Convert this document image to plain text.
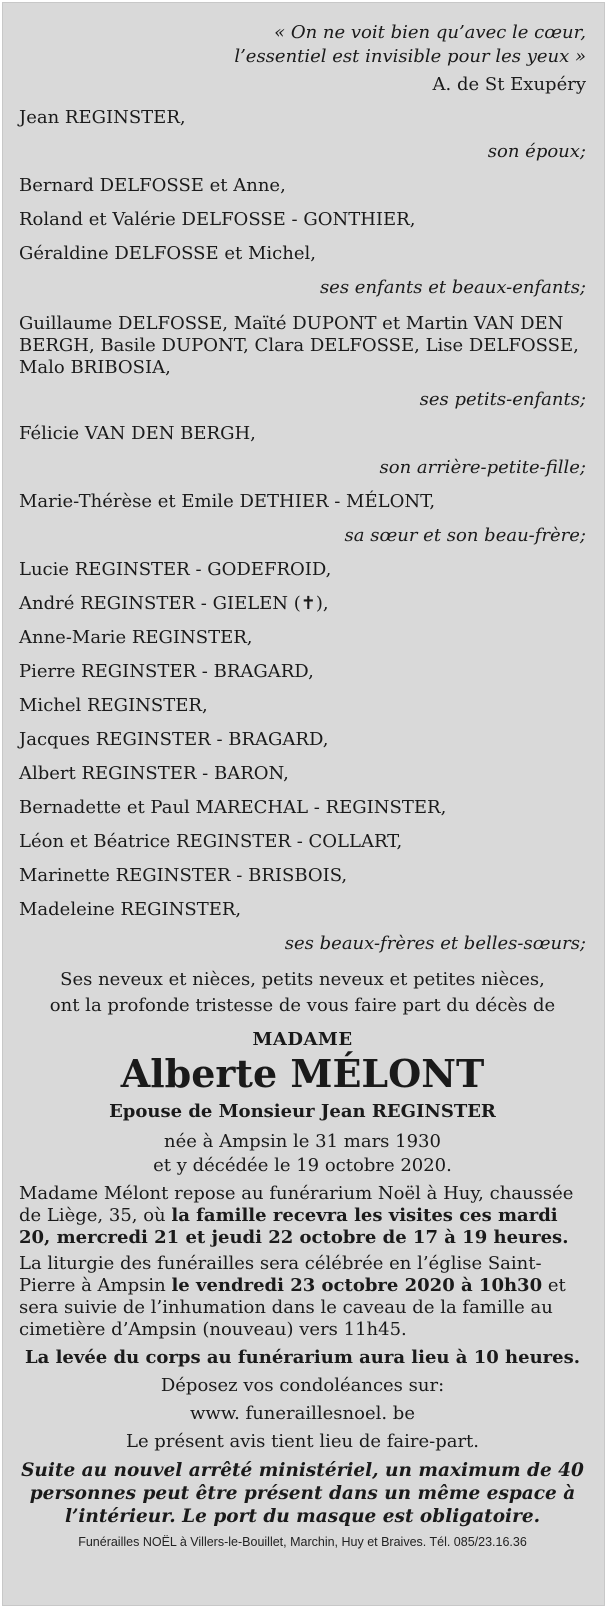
« On ne voit bien qu’avec le cœur,
l’essentiel est invisible pour les yeux »
A. de St Exupéry
Jean REGINSTER,
son époux;
Bernard DELFOSSE et Anne,
Roland et Valérie DELFOSSE - GONTHIER,
Géraldine DELFOSSE et Michel,
ses enfants et beaux-enfants;
Guillaume DELFOSSE, Maïté DUPONT et Martin VAN DEN
BERGH, Basile DUPONT, Clara DELFOSSE, Lise DELFOSSE,
Malo BRIBOSIA,
ses petits-enfants;
Félicie VAN DEN BERGH,
son arrière-petite-fille;
Marie-Thérèse et Emile DETHIER - MÉLONT,
sa sœur et son beau-frère;
Lucie REGINSTER - GODEFROID,
André REGINSTER - GIELEN (✝),
Anne-Marie REGINSTER,
Pierre REGINSTER - BRAGARD,
Michel REGINSTER,
Jacques REGINSTER - BRAGARD,
Albert REGINSTER - BARON,
Bernadette et Paul MARECHAL - REGINSTER,
Léon et Béatrice REGINSTER - COLLART,
Marinette REGINSTER - BRISBOIS,
Madeleine REGINSTER,
ses beaux-frères et belles-sœurs;
Ses neveux et nièces, petits neveux et petites nièces,
ont la profonde tristesse de vous faire part du décès de
MADAME
Alberte MÉLONT
Epouse de Monsieur Jean REGINSTER
née à Ampsin le 31 mars 1930
et y décédée le 19 octobre 2020.
Madame Mélont repose au funérarium Noël à Huy, chaussée
de Liège, 35, où la famille recevra les visites ces mardi
20, mercredi 21 et jeudi 22 octobre de 17 à 19 heures.
La liturgie des funérailles sera célébrée en l’église Saint-
Pierre à Ampsin le vendredi 23 octobre 2020 à 10h30 et
sera suivie de l’inhumation dans le caveau de la famille au
cimetière d’Ampsin (nouveau) vers 11h45.
La levée du corps au funérarium aura lieu à 10 heures.
Déposez vos condoléances sur:
www. funerailles​noel. be
Le présent avis tient lieu de faire-part.
Suite au nouvel arrêté ministériel, un maximum de 40
personnes peut être présent dans un même espace à
l’intérieur. Le port du masque est obligatoire.
Funérailles NOËL à Villers-le-Bouillet, Marchin, Huy et Braives. Tél. 085/23.16.36
